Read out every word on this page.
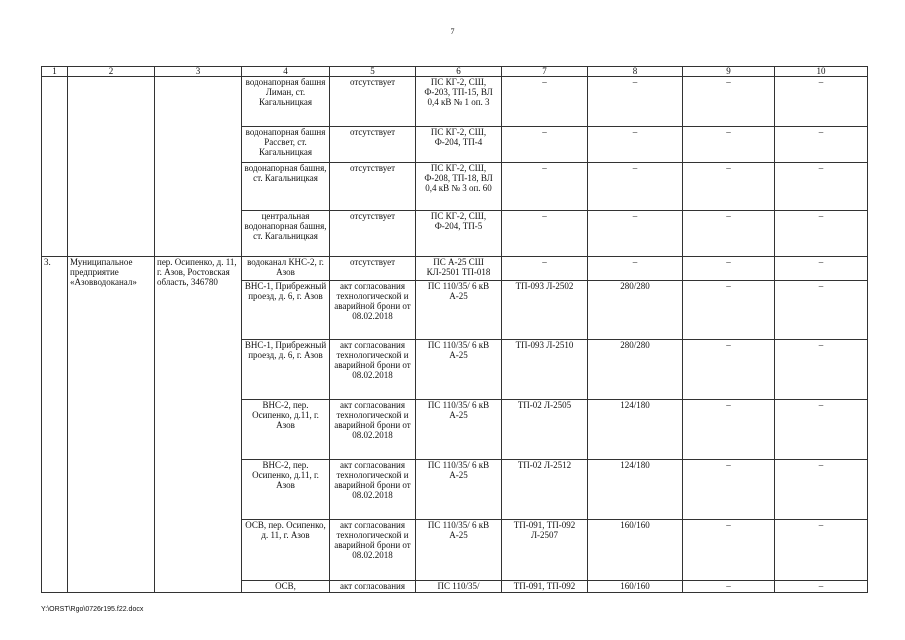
7
1	2	3	4	5	6	7	8	9	10
			водонапорная башня Лиман, ст. Кагальницкая	отсутствует	ПС КГ-2, СШ, Ф-203, ТП-15, ВЛ 0,4 кВ № 1 оп. 3	–	–	–	–
			водонапорная башня Рассвет, ст. Кагальницкая	отсутствует	ПС КГ-2, СШ, Ф-204, ТП-4	–	–	–	–
			водонапорная башня, ст. Кагальницкая	отсутствует	ПС КГ-2, СШ, Ф-208, ТП-18, ВЛ 0,4 кВ № 3 оп. 60	–	–	–	–
			центральная водонапорная башня, ст. Кагальницкая	отсутствует	ПС КГ-2, СШ, Ф-204, ТП-5	–	–	–	–
3.	Муниципальное предприятие «Азовводоканал»	пер. Осипенко, д. 11, г. Азов, Ростовская область, 346780	водоканал КНС-2, г. Азов	отсутствует	ПС А-25 СШ КЛ-2501 ТП-018	–	–	–	–
			ВНС-1, Прибрежный проезд, д. 6, г. Азов	акт согласования технологической и аварийной брони от 08.02.2018	ПС 110/35/ 6 кВ А-25	ТП-093 Л-2502	280/280	–	–
			ВНС-1, Прибрежный проезд, д. 6, г. Азов	акт согласования технологической и аварийной брони от 08.02.2018	ПС 110/35/ 6 кВ А-25	ТП-093 Л-2510	280/280	–	–
			ВНС-2, пер. Осипенко, д.11, г. Азов	акт согласования технологической и аварийной брони от 08.02.2018	ПС 110/35/ 6 кВ А-25	ТП-02 Л-2505	124/180	–	–
			ВНС-2, пер. Осипенко, д.11, г. Азов	акт согласования технологической и аварийной брони от 08.02.2018	ПС 110/35/ 6 кВ А-25	ТП-02 Л-2512	124/180	–	–
			ОСВ, пер. Осипенко, д. 11, г. Азов	акт согласования технологической и аварийной брони от 08.02.2018	ПС 110/35/ 6 кВ А-25	ТП-091, ТП-092 Л-2507	160/160	–	–
			ОСВ,	акт согласования	ПС 110/35/	ТП-091, ТП-092	160/160	–	–
Y:\ORST\Rgo\0726r195.f22.docx
